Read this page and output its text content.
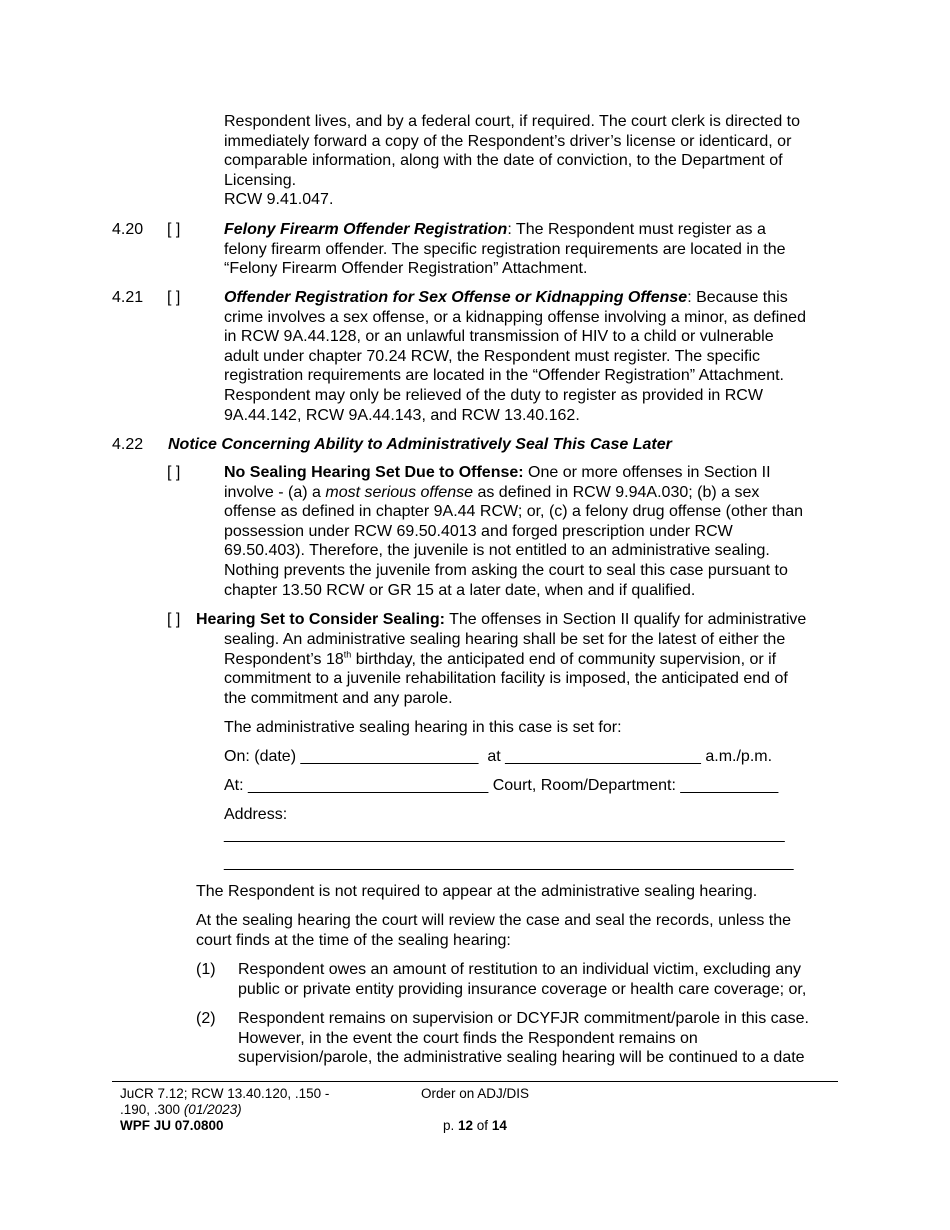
Respondent lives, and by a federal court, if required. The court clerk is directed to
immediately forward a copy of the Respondent’s driver’s license or identicard, or
comparable information, along with the date of conviction, to the Department of
Licensing.
RCW 9.41.047.
4.20 [ ]	Felony Firearm Offender Registration: The Respondent must register as a
felony firearm offender. The specific registration requirements are located in the
“Felony Firearm Offender Registration” Attachment.
4.21 [ ]	Offender Registration for Sex Offense or Kidnapping Offense: Because this
crime involves a sex offense, or a kidnapping offense involving a minor, as defined
in RCW 9A.44.128, or an unlawful transmission of HIV to a child or vulnerable
adult under chapter 70.24 RCW, the Respondent must register. The specific
registration requirements are located in the “Offender Registration” Attachment.
Respondent may only be relieved of the duty to register as provided in RCW
9A.44.142, RCW 9A.44.143, and RCW 13.40.162.
4.22 Notice Concerning Ability to Administratively Seal This Case Later
[ ]	No Sealing Hearing Set Due to Offense: One or more offenses in Section II
involve - (a) a most serious offense as defined in RCW 9.94A.030; (b) a sex
offense as defined in chapter 9A.44 RCW; or, (c) a felony drug offense (other than
possession under RCW 69.50.4013 and forged prescription under RCW
69.50.403). Therefore, the juvenile is not entitled to an administrative sealing.
Nothing prevents the juvenile from asking the court to seal this case pursuant to
chapter 13.50 RCW or GR 15 at a later date, when and if qualified.
[ ] Hearing Set to Consider Sealing: The offenses in Section II qualify for administrative
sealing. An administrative sealing hearing shall be set for the latest of either the
Respondent’s 18th birthday, the anticipated end of community supervision, or if
commitment to a juvenile rehabilitation facility is imposed, the anticipated end of
the commitment and any parole.
The administrative sealing hearing in this case is set for:
On: (date) ____________________  at ______________________ a.m./p.m.
At: ___________________________ Court, Room/Department: ___________
Address:
_______________________________________________________________
________________________________________________________________
The Respondent is not required to appear at the administrative sealing hearing.
At the sealing hearing the court will review the case and seal the records, unless the
court finds at the time of the sealing hearing:
(1) Respondent owes an amount of restitution to an individual victim, excluding any
public or private entity providing insurance coverage or health care coverage; or,
(2) Respondent remains on supervision or DCYFJR commitment/parole in this case.
However, in the event the court finds the Respondent remains on
supervision/parole, the administrative sealing hearing will be continued to a date
JuCR 7.12; RCW 13.40.120, .150 -
.190, .300 (01/2023)
WPF JU 07.0800
Order on ADJ/DIS
p. 12 of 14
